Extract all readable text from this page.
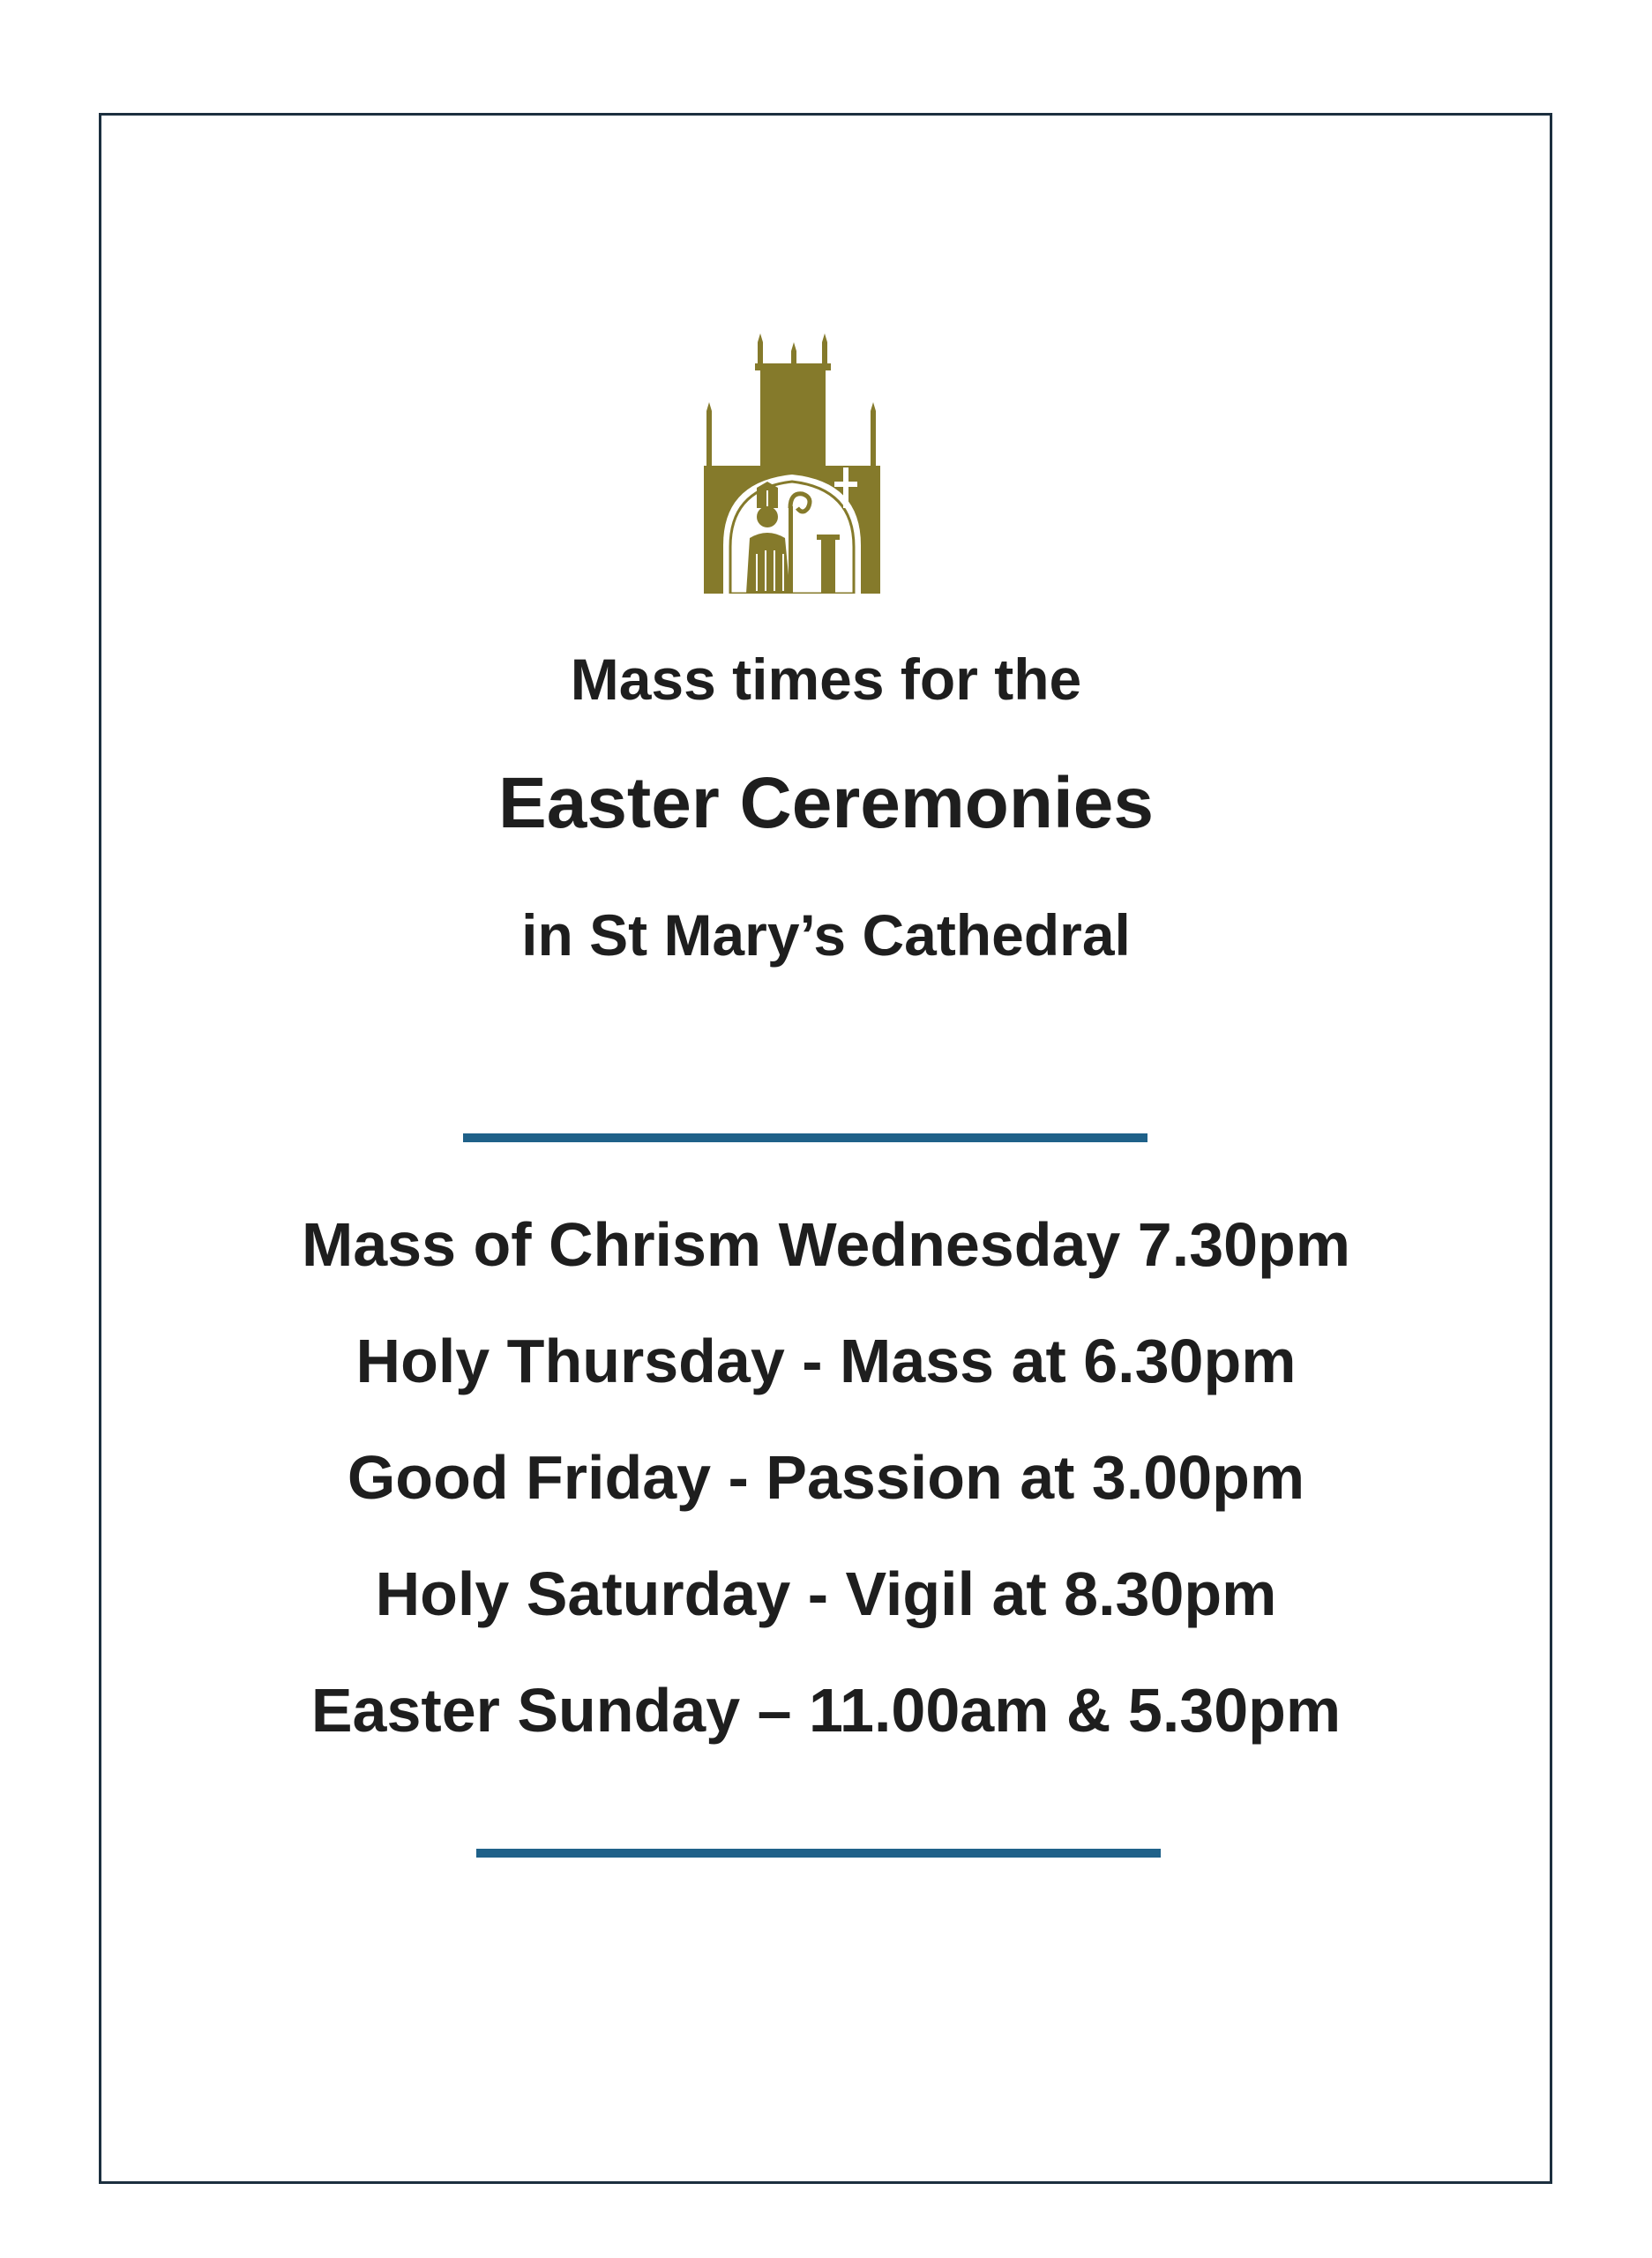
Mass times for the
Easter Ceremonies
in St Mary’s Cathedral
Mass of Chrism Wednesday 7.30pm
Holy Thursday - Mass at 6.30pm
Good Friday - Passion at 3.00pm
Holy Saturday - Vigil at 8.30pm
Easter Sunday – 11.00am & 5.30pm
